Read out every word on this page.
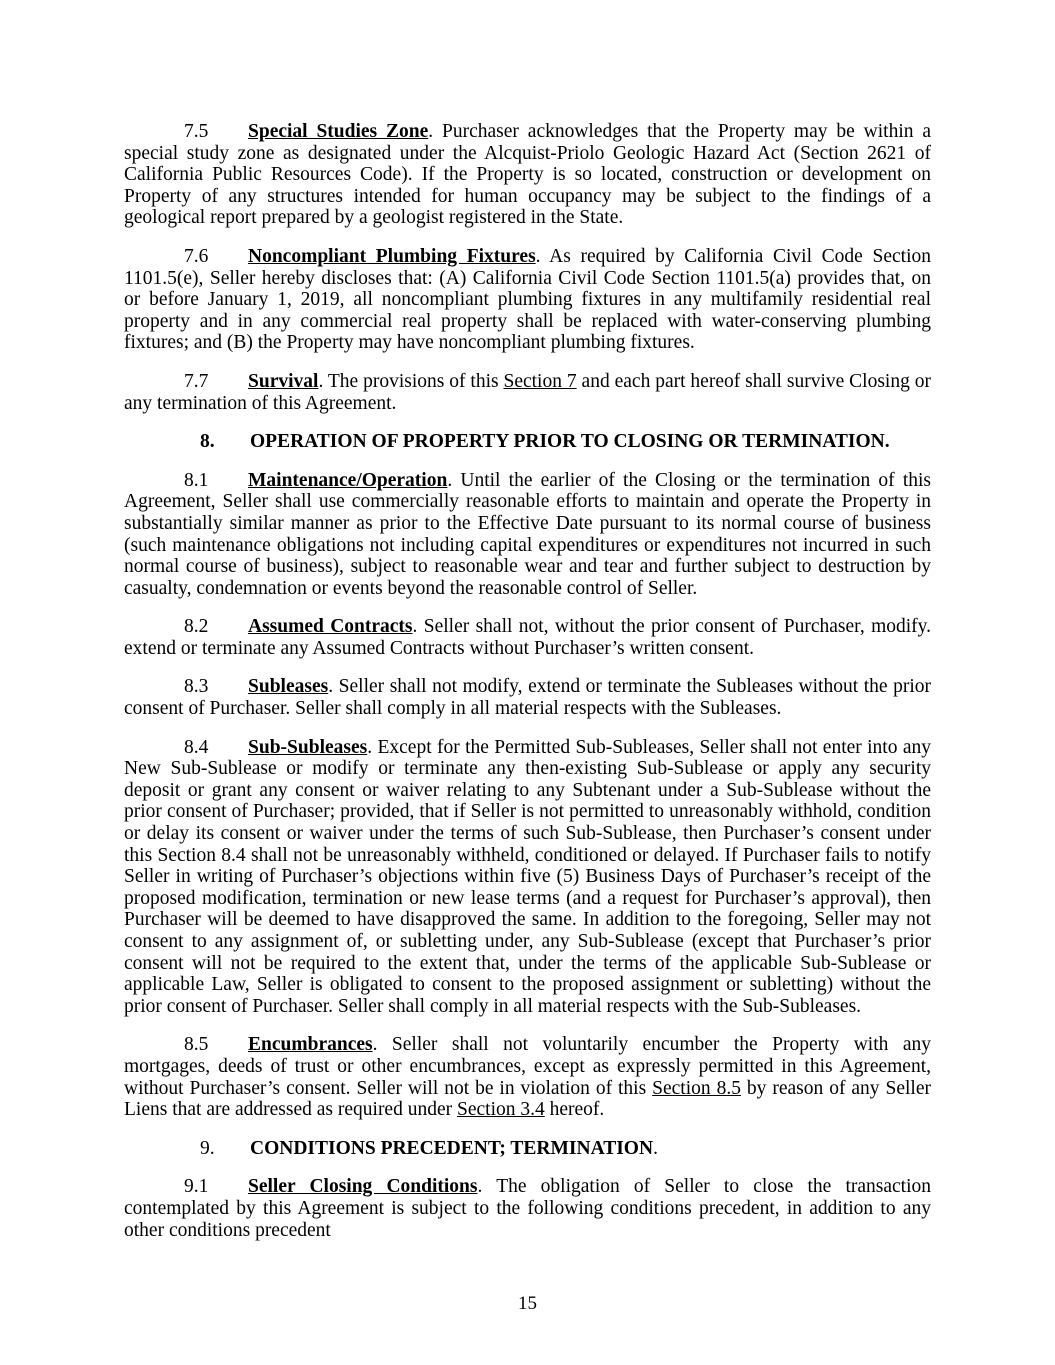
7.5 Special Studies Zone. Purchaser acknowledges that the Property may be within a special study zone as designated under the Alcquist-Priolo Geologic Hazard Act (Section 2621 of California Public Resources Code). If the Property is so located, construction or development on Property of any structures intended for human occupancy may be subject to the findings of a geological report prepared by a geologist registered in the State.

7.6 Noncompliant Plumbing Fixtures. As required by California Civil Code Section 1101.5(e), Seller hereby discloses that: (A) California Civil Code Section 1101.5(a) provides that, on or before January 1, 2019, all noncompliant plumbing fixtures in any multifamily residential real property and in any commercial real property shall be replaced with water-conserving plumbing fixtures; and (B) the Property may have noncompliant plumbing fixtures.

7.7 Survival. The provisions of this Section 7 and each part hereof shall survive Closing or any termination of this Agreement.

8. OPERATION OF PROPERTY PRIOR TO CLOSING OR TERMINATION.

8.1 Maintenance/Operation. Until the earlier of the Closing or the termination of this Agreement, Seller shall use commercially reasonable efforts to maintain and operate the Property in substantially similar manner as prior to the Effective Date pursuant to its normal course of business (such maintenance obligations not including capital expenditures or expenditures not incurred in such normal course of business), subject to reasonable wear and tear and further subject to destruction by casualty, condemnation or events beyond the reasonable control of Seller.

8.2 Assumed Contracts. Seller shall not, without the prior consent of Purchaser, modify. extend or terminate any Assumed Contracts without Purchaser’s written consent.

8.3 Subleases. Seller shall not modify, extend or terminate the Subleases without the prior consent of Purchaser. Seller shall comply in all material respects with the Subleases.

8.4 Sub-Subleases. Except for the Permitted Sub-Subleases, Seller shall not enter into any New Sub-Sublease or modify or terminate any then-existing Sub-Sublease or apply any security deposit or grant any consent or waiver relating to any Subtenant under a Sub-Sublease without the prior consent of Purchaser; provided, that if Seller is not permitted to unreasonably withhold, condition or delay its consent or waiver under the terms of such Sub-Sublease, then Purchaser’s consent under this Section 8.4 shall not be unreasonably withheld, conditioned or delayed. If Purchaser fails to notify Seller in writing of Purchaser’s objections within five (5) Business Days of Purchaser’s receipt of the proposed modification, termination or new lease terms (and a request for Purchaser’s approval), then Purchaser will be deemed to have disapproved the same. In addition to the foregoing, Seller may not consent to any assignment of, or subletting under, any Sub-Sublease (except that Purchaser’s prior consent will not be required to the extent that, under the terms of the applicable Sub-Sublease or applicable Law, Seller is obligated to consent to the proposed assignment or subletting) without the prior consent of Purchaser. Seller shall comply in all material respects with the Sub-Subleases.

8.5 Encumbrances. Seller shall not voluntarily encumber the Property with any mortgages, deeds of trust or other encumbrances, except as expressly permitted in this Agreement, without Purchaser’s consent. Seller will not be in violation of this Section 8.5 by reason of any Seller Liens that are addressed as required under Section 3.4 hereof.

9. CONDITIONS PRECEDENT; TERMINATION.

9.1 Seller Closing Conditions. The obligation of Seller to close the transaction contemplated by this Agreement is subject to the following conditions precedent, in addition to any other conditions precedent

15
